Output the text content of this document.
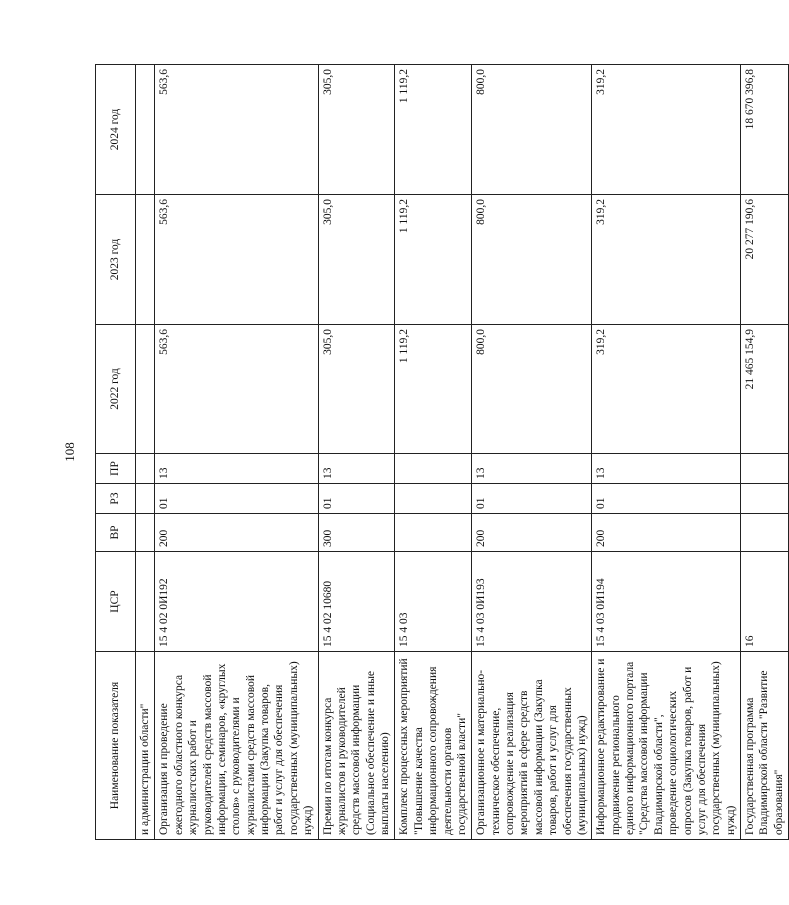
108
Наименование показателя	ЦСР	ВР	РЗ	ПР	2022 год	2023 год	2024 год
и администрации области"							
Организация и проведение ежегодного областного конкурса журналистских работ и руководителей средств массовой информации, семинаров, «круглых столов» с руководителями и журналистами средств массовой информации (Закупка товаров, работ и услуг для обеспечения государственных (муниципальных) нужд)	15 4 02 0И192	200	01	13	563,6	563,6	563,6
Премии по итогам конкурса журналистов и руководителей средств массовой информации (Социальное обеспечение и иные выплаты населению)	15 4 02 10680	300	01	13	305,0	305,0	305,0
Комплекс процессных мероприятий "Повышение качества информационного сопровождения деятельности органов государственной власти"	15 4 03				1 119,2	1 119,2	1 119,2
Организационное и материально-техническое обеспечение, сопровождение и реализация мероприятий в сфере средств массовой информации (Закупка товаров, работ и услуг для обеспечения государственных (муниципальных) нужд)	15 4 03 0И193	200	01	13	800,0	800,0	800,0
Информационное редактирование и продвижение регионального единого информационного портала "Средства массовой информации Владимирской области", проведение социологических опросов (Закупка товаров, работ и услуг для обеспечения государственных (муниципальных) нужд)	15 4 03 0И194	200	01	13	319,2	319,2	319,2
Государственная программа Владимирской области "Развитие образования"	16				21 465 154,9	20 277 190,6	18 670 396,8
